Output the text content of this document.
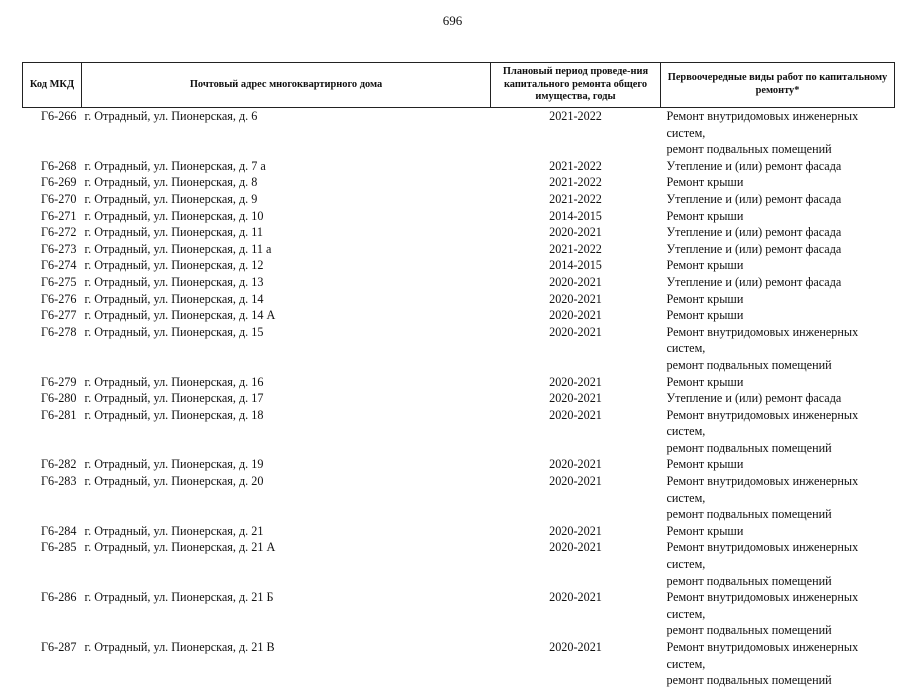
696
Код МКД	Почтовый адрес многоквартирного дома	Плановый период проведе-ния капитального ремонта общего имущества, годы	Первоочередные виды работ по капитальному ремонту*
Г6-266	г. Отрадный, ул. Пионерская, д. 6	2021-2022	Ремонт внутридомовых инженерных систем,
ремонт подвальных помещений

Г6-268	г. Отрадный, ул. Пионерская, д. 7 а	2021-2022	Утепление и (или) ремонт фасада

Г6-269	г. Отрадный, ул. Пионерская, д. 8	2021-2022	Ремонт крыши

Г6-270	г. Отрадный, ул. Пионерская, д. 9	2021-2022	Утепление и (или) ремонт фасада

Г6-271	г. Отрадный, ул. Пионерская, д. 10	2014-2015	Ремонт крыши

Г6-272	г. Отрадный, ул. Пионерская, д. 11	2020-2021	Утепление и (или) ремонт фасада

Г6-273	г. Отрадный, ул. Пионерская, д. 11 а	2021-2022	Утепление и (или) ремонт фасада

Г6-274	г. Отрадный, ул. Пионерская, д. 12	2014-2015	Ремонт крыши

Г6-275	г. Отрадный, ул. Пионерская, д. 13	2020-2021	Утепление и (или) ремонт фасада

Г6-276	г. Отрадный, ул. Пионерская, д. 14	2020-2021	Ремонт крыши

Г6-277	г. Отрадный, ул. Пионерская, д. 14 А	2020-2021	Ремонт крыши

Г6-278	г. Отрадный, ул. Пионерская, д. 15	2020-2021	Ремонт внутридомовых инженерных систем,
ремонт подвальных помещений

Г6-279	г. Отрадный, ул. Пионерская, д. 16	2020-2021	Ремонт крыши

Г6-280	г. Отрадный, ул. Пионерская, д. 17	2020-2021	Утепление и (или) ремонт фасада

Г6-281	г. Отрадный, ул. Пионерская, д. 18	2020-2021	Ремонт внутридомовых инженерных систем,
ремонт подвальных помещений

Г6-282	г. Отрадный, ул. Пионерская, д. 19	2020-2021	Ремонт крыши

Г6-283	г. Отрадный, ул. Пионерская, д. 20	2020-2021	Ремонт внутридомовых инженерных систем,
ремонт подвальных помещений

Г6-284	г. Отрадный, ул. Пионерская, д. 21	2020-2021	Ремонт крыши

Г6-285	г. Отрадный, ул. Пионерская, д. 21 А	2020-2021	Ремонт внутридомовых инженерных систем,
ремонт подвальных помещений

Г6-286	г. Отрадный, ул. Пионерская, д. 21 Б	2020-2021	Ремонт внутридомовых инженерных систем,
ремонт подвальных помещений

Г6-287	г. Отрадный, ул. Пионерская, д. 21 В	2020-2021	Ремонт внутридомовых инженерных систем,
ремонт подвальных помещений
